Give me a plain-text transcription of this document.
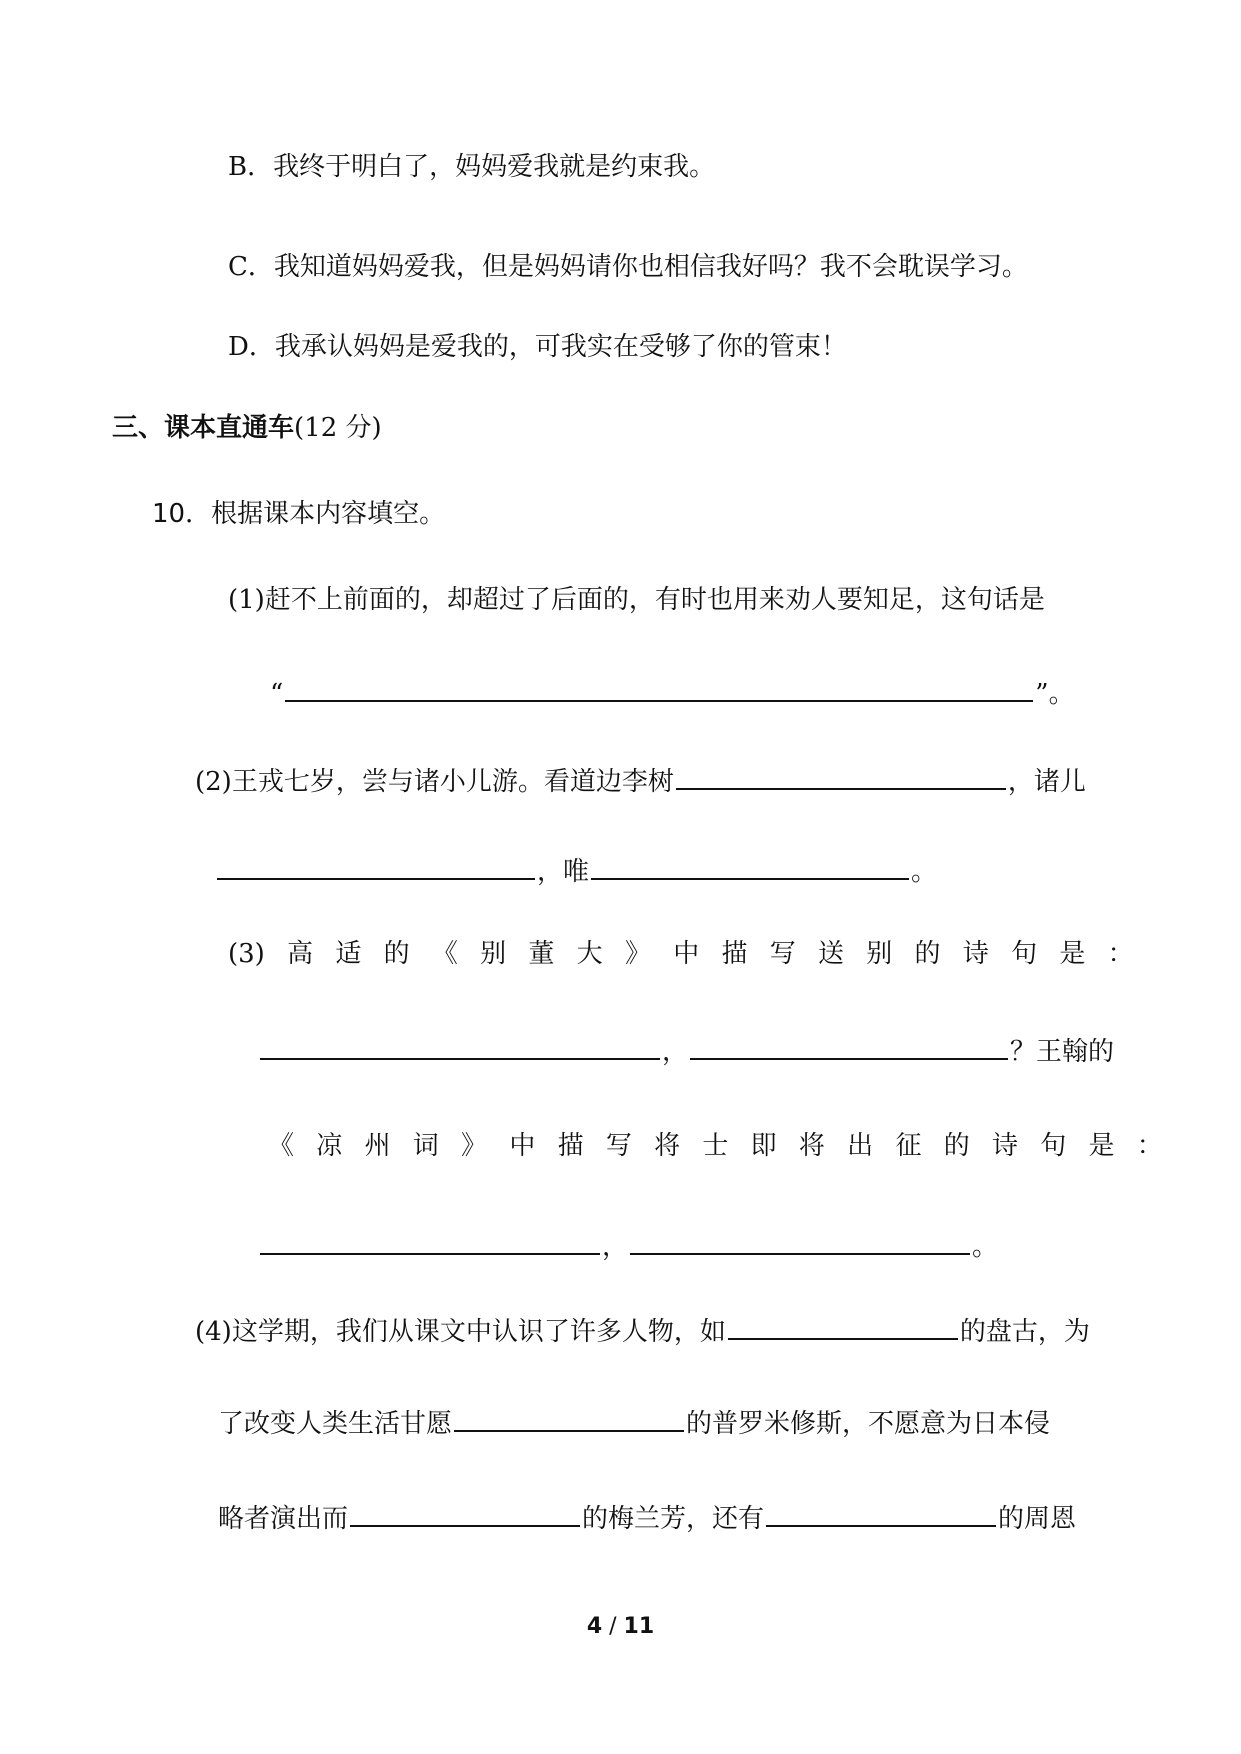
B．我终于明白了，妈妈爱我就是约束我。
C．我知道妈妈爱我，但是妈妈请你也相信我好吗？我不会耽误学习。
D．我承认妈妈是爱我的，可我实在受够了你的管束！
三、课本直通车(12 分)
10．根据课本内容填空。
(1)赶不上前面的，却超过了后面的，有时也用来劝人要知足，这句话是
“	”。
(2)王戎七岁，尝与诸小儿游。看道边李树	，诸儿
，唯	。
(3) 高 适 的 《 别 董 大 》 中 描 写 送 别 的 诗 句 是 ：
，	？王翰的
《 凉 州 词 》 中 描 写 将 士 即 将 出 征 的 诗 句 是 ：
，	。
(4)这学期，我们从课文中认识了许多人物，如	的盘古，为
了改变人类生活甘愿	的普罗米修斯，不愿意为日本侵
略者演出而	的梅兰芳，还有	的周恩
4 / 11
